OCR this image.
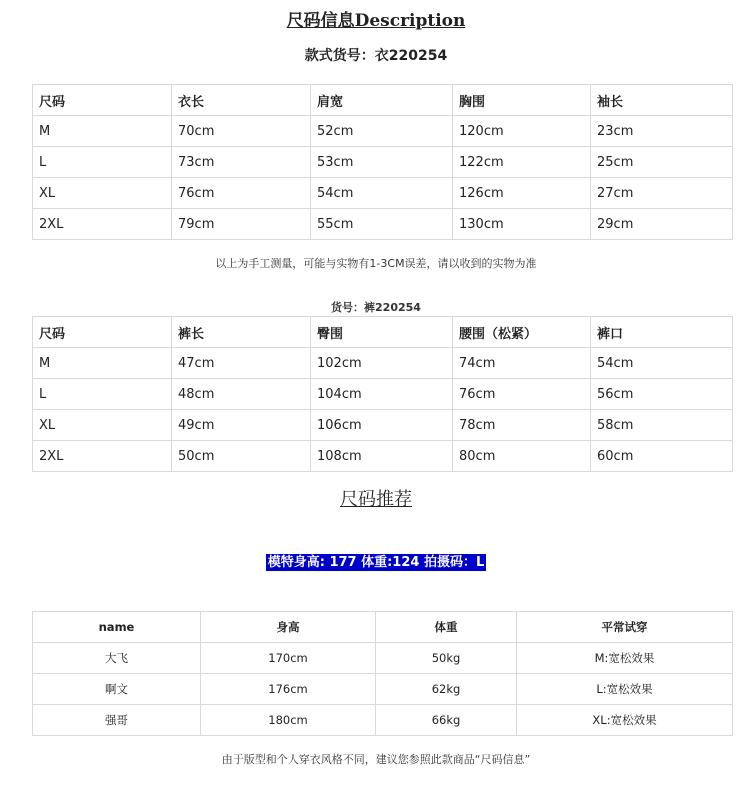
尺码信息Description
款式货号：衣220254
尺码	衣长	肩宽	胸围	袖长
M	70cm	52cm	120cm	23cm
L	73cm	53cm	122cm	25cm
XL	76cm	54cm	126cm	27cm
2XL	79cm	55cm	130cm	29cm
以上为手工测量，可能与实物有1-3CM误差，请以收到的实物为准
货号：裤220254
尺码	裤长	臀围	腰围（松紧）	裤口
M	47cm	102cm	74cm	54cm
L	48cm	104cm	76cm	56cm
XL	49cm	106cm	78cm	58cm
2XL	50cm	108cm	80cm	60cm
尺码推荐
模特身高: 177 体重:124 拍摄码：L
name	身高	体重	平常试穿
大飞	170cm	50kg	M:宽松效果
啊文	176cm	62kg	L:宽松效果
强哥	180cm	66kg	XL:宽松效果
由于版型和个人穿衣风格不同，建议您参照此款商品“尺码信息”
